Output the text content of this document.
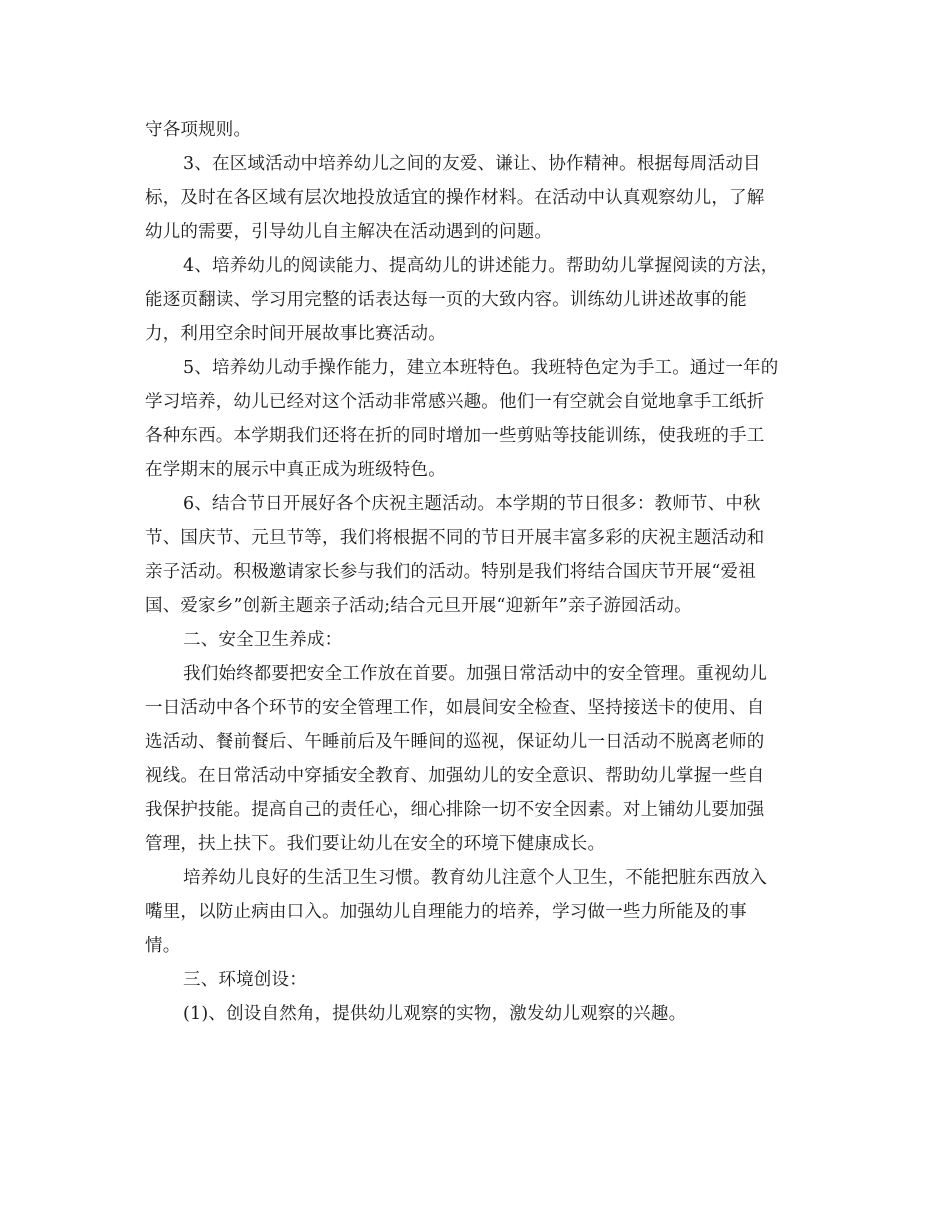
守各项规则。
3、在区域活动中培养幼儿之间的友爱、谦让、协作精神。根据每周活动目
标，及时在各区域有层次地投放适宜的操作材料。在活动中认真观察幼儿，了解
幼儿的需要，引导幼儿自主解决在活动遇到的问题。
4、培养幼儿的阅读能力、提高幼儿的讲述能力。帮助幼儿掌握阅读的方法，
能逐页翻读、学习用完整的话表达每一页的大致内容。训练幼儿讲述故事的能
力，利用空余时间开展故事比赛活动。
5、培养幼儿动手操作能力，建立本班特色。我班特色定为手工。通过一年的
学习培养，幼儿已经对这个活动非常感兴趣。他们一有空就会自觉地拿手工纸折
各种东西。本学期我们还将在折的同时增加一些剪贴等技能训练，使我班的手工
在学期末的展示中真正成为班级特色。
6、结合节日开展好各个庆祝主题活动。本学期的节日很多：教师节、中秋
节、国庆节、元旦节等，我们将根据不同的节日开展丰富多彩的庆祝主题活动和
亲子活动。积极邀请家长参与我们的活动。特别是我们将结合国庆节开展“爱祖
国、爱家乡”创新主题亲子活动;结合元旦开展“迎新年”亲子游园活动。
二、安全卫生养成：
我们始终都要把安全工作放在首要。加强日常活动中的安全管理。重视幼儿
一日活动中各个环节的安全管理工作，如晨间安全检查、坚持接送卡的使用、自
选活动、餐前餐后、午睡前后及午睡间的巡视，保证幼儿一日活动不脱离老师的
视线。在日常活动中穿插安全教育、加强幼儿的安全意识、帮助幼儿掌握一些自
我保护技能。提高自己的责任心，细心排除一切不安全因素。对上铺幼儿要加强
管理，扶上扶下。我们要让幼儿在安全的环境下健康成长。
培养幼儿良好的生活卫生习惯。教育幼儿注意个人卫生，不能把脏东西放入
嘴里，以防止病由口入。加强幼儿自理能力的培养，学习做一些力所能及的事
情。
三、环境创设：
(1)、创设自然角，提供幼儿观察的实物，激发幼儿观察的兴趣。
